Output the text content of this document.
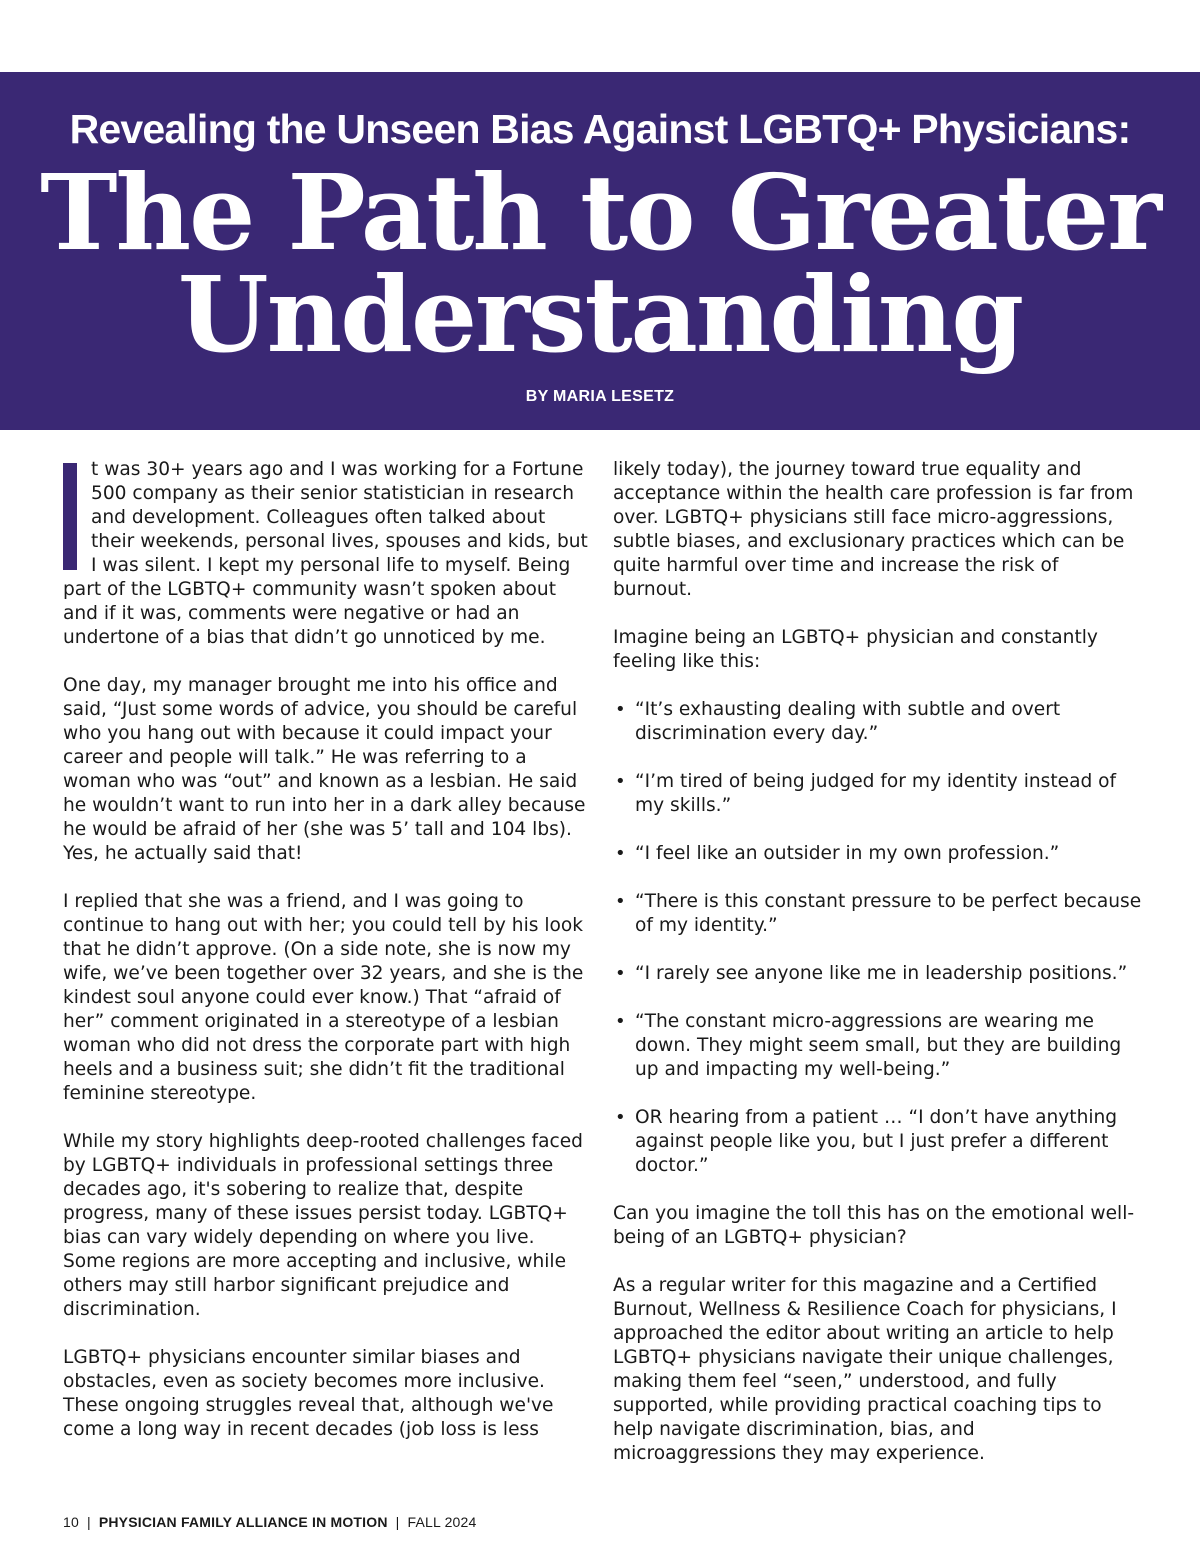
Revealing the Unseen Bias Against LGBTQ+ Physicians:
The Path to Greater
Understanding
BY MARIA LESETZ

t was 30+ years ago and I was working for a Fortune 500 company as their senior statistician in research and development. Colleagues often talked about their weekends, personal lives, spouses and kids, but I was silent. I kept my personal life to myself. Being part of the LGBTQ+ community wasn’t spoken about and if it was, comments were negative or had an undertone of a bias that didn’t go unnoticed by me.

One day, my manager brought me into his office and said, “Just some words of advice, you should be careful who you hang out with because it could impact your career and people will talk.” He was referring to a woman who was “out” and known as a lesbian. He said he wouldn’t want to run into her in a dark alley because he would be afraid of her (she was 5’ tall and 104 lbs). Yes, he actually said that!

I replied that she was a friend, and I was going to continue to hang out with her; you could tell by his look that he didn’t approve. (On a side note, she is now my wife, we’ve been together over 32 years, and she is the kindest soul anyone could ever know.) That “afraid of her” comment originated in a stereotype of a lesbian woman who did not dress the corporate part with high heels and a business suit; she didn’t fit the traditional feminine stereotype.

While my story highlights deep-rooted challenges faced by LGBTQ+ individuals in professional settings three decades ago, it's sobering to realize that, despite progress, many of these issues persist today. LGBTQ+ bias can vary widely depending on where you live. Some regions are more accepting and inclusive, while others may still harbor significant prejudice and discrimination.

LGBTQ+ physicians encounter similar biases and obstacles, even as society becomes more inclusive. These ongoing struggles reveal that, although we've come a long way in recent decades (job loss is less

likely today), the journey toward true equality and acceptance within the health care profession is far from over. LGBTQ+ physicians still face micro-aggressions, subtle biases, and exclusionary practices which can be quite harmful over time and increase the risk of burnout.

Imagine being an LGBTQ+ physician and constantly feeling like this:

• “It’s exhausting dealing with subtle and overt discrimination every day.”
• “I’m tired of being judged for my identity instead of my skills.”
• “I feel like an outsider in my own profession.”
• “There is this constant pressure to be perfect because of my identity.”
• “I rarely see anyone like me in leadership positions.”
• “The constant micro-aggressions are wearing me down. They might seem small, but they are building up and impacting my well-being.”
• OR hearing from a patient … “I don’t have anything against people like you, but I just prefer a different doctor.”

Can you imagine the toll this has on the emotional well-being of an LGBTQ+ physician?

As a regular writer for this magazine and a Certified Burnout, Wellness & Resilience Coach for physicians, I approached the editor about writing an article to help LGBTQ+ physicians navigate their unique challenges, making them feel “seen,” understood, and fully supported, while providing practical coaching tips to help navigate discrimination, bias, and microaggressions they may experience.

10 | PHYSICIAN FAMILY ALLIANCE IN MOTION | FALL 2024
